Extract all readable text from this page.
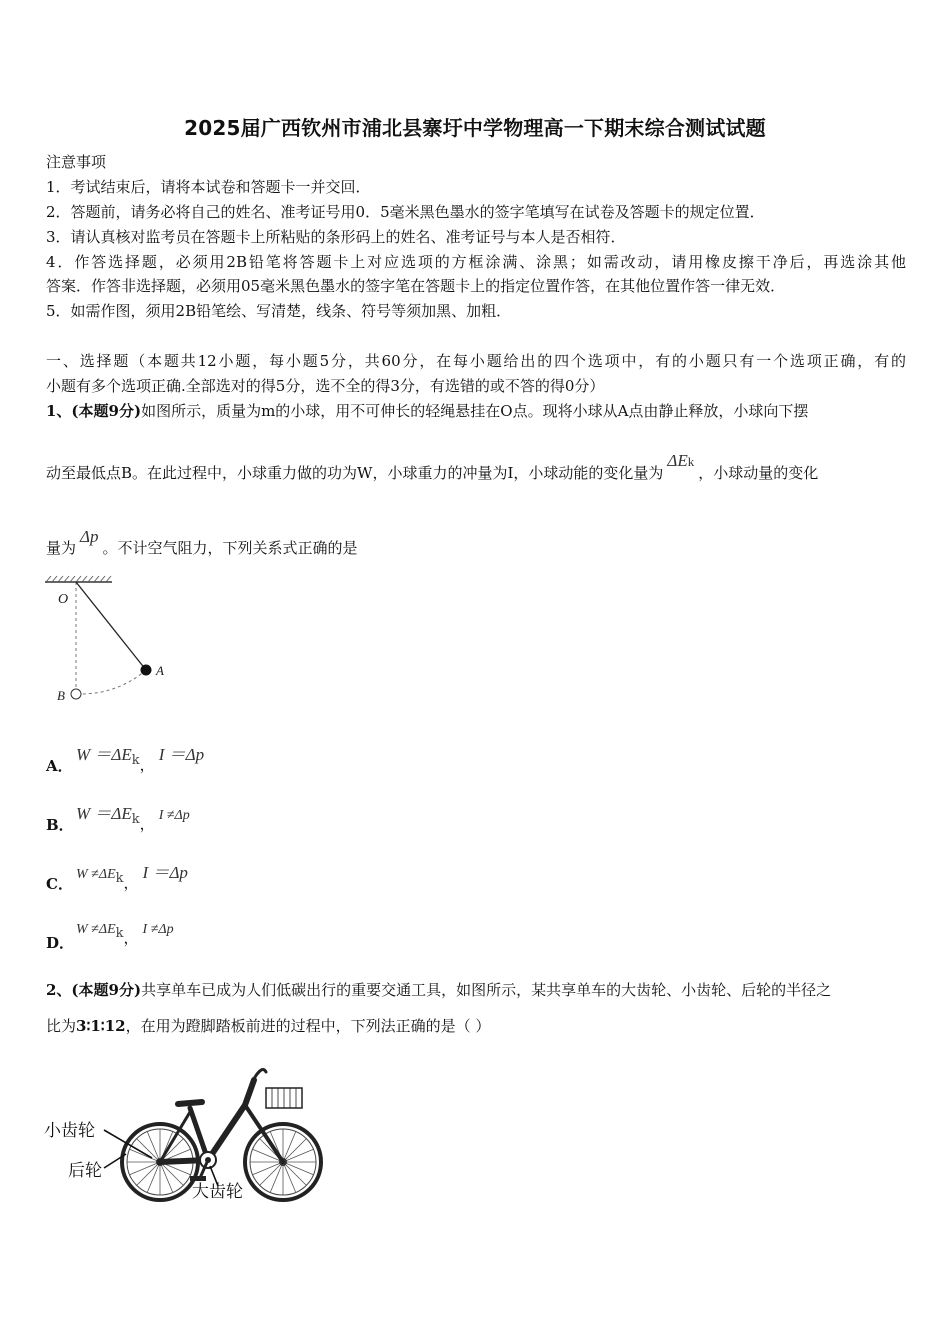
2025届广西钦州市浦北县寨圩中学物理高一下期末综合测试试题
注意事项
1．考试结束后，请将本试卷和答题卡一并交回．
2．答题前，请务必将自己的姓名、准考证号用0．5毫米黑色墨水的签字笔填写在试卷及答题卡的规定位置．
3．请认真核对监考员在答题卡上所粘贴的条形码上的姓名、准考证号与本人是否相符．
4．作答选择题，必须用2B铅笔将答题卡上对应选项的方框涂满、涂黑；如需改动，请用橡皮擦干净后，再选涂其他
答案．作答非选择题，必须用05毫米黑色墨水的签字笔在答题卡上的指定位置作答，在其他位置作答一律无效．
5．如需作图，须用2B铅笔绘、写清楚，线条、符号等须加黑、加粗．
一、选择题（本题共12小题，每小题5分，共60分，在每小题给出的四个选项中，有的小题只有一个选项正确，有的
小题有多个选项正确.全部选对的得5分，选不全的得3分，有选错的或不答的得0分）
1、(本题9分)如图所示，质量为m的小球，用不可伸长的轻绳悬挂在O点。现将小球从A点由静止释放，小球向下摆
动至最低点B。在此过程中，小球重力做的功为W，小球重力的冲量为I，小球动能的变化量为ΔEk，小球动量的变化
量为Δp。不计空气阻力，下列关系式正确的是
O
A
B
A．
$W =\Delta E_k$，I ＝Δp
B．
$W =\Delta E_k$， I ≠Δp
C．
$W \ne\Delta E_k$，I ＝Δp
D．
$W \ne\Delta E_k$， I ≠Δp
2、(本题9分)共享单车已成为人们低碳出行的重要交通工具，如图所示，某共享单车的大齿轮、小齿轮、后轮的半径之
比为3∶1∶12，在用为蹬脚踏板前进的过程中，下列法正确的是（ ）
小齿轮
后轮
大齿轮
